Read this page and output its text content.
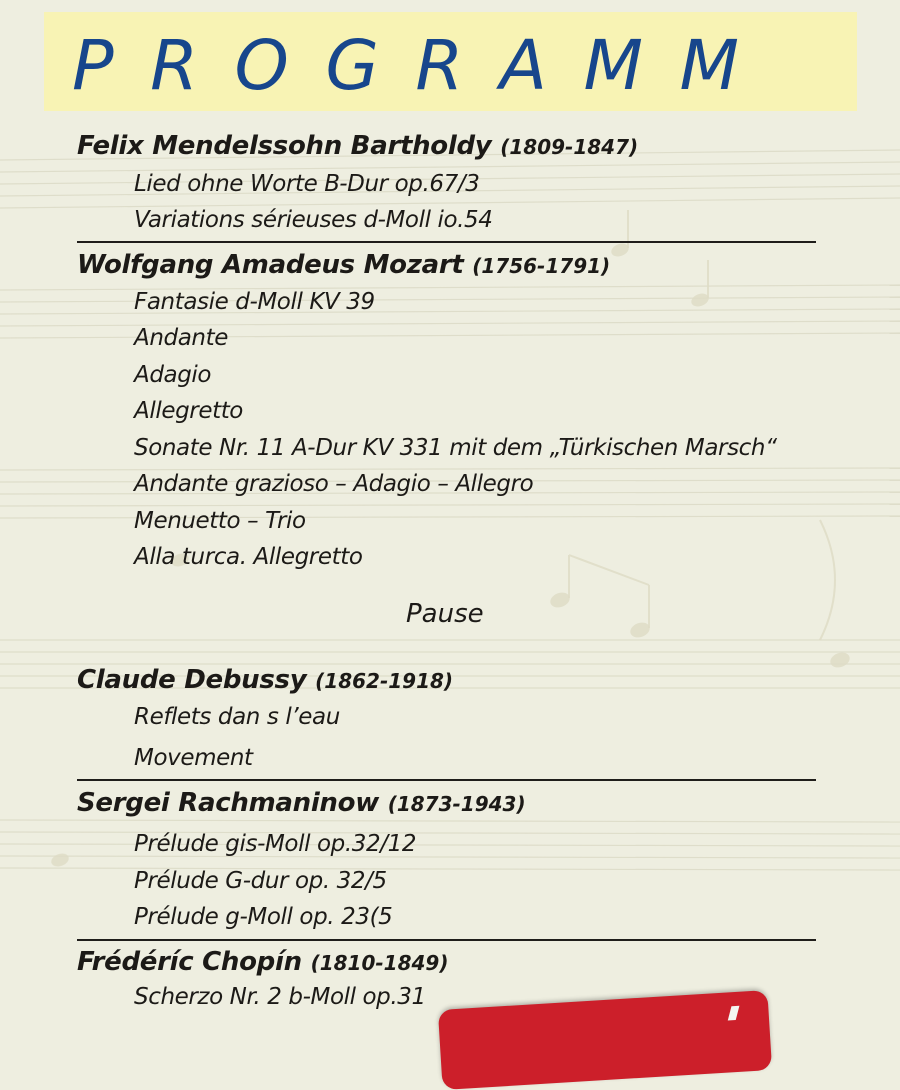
PROGRAMM
Felix Mendelssohn Bartholdy (1809-1847)
Lied ohne Worte B-Dur op.67/3
Variations sérieuses d-Moll io.54
Wolfgang Amadeus Mozart (1756-1791)
Fantasie d-Moll KV 39
Andante
Adagio
Allegretto
Sonate Nr. 11 A-Dur KV 331 mit dem „Türkischen Marsch“
Andante grazioso – Adagio – Allegro
Menuetto – Trio
Alla turca. Allegretto
Pause
Claude Debussy (1862-1918)
Reflets dan s l’eau
Movement
Sergei Rachmaninow (1873-1943)
Prélude gis-Moll op.32/12
Prélude G-dur op. 32/5
Prélude g-Moll op. 23(5
Frédéríc Chopín (1810-1849)
Scherzo Nr. 2 b-Moll op.31
